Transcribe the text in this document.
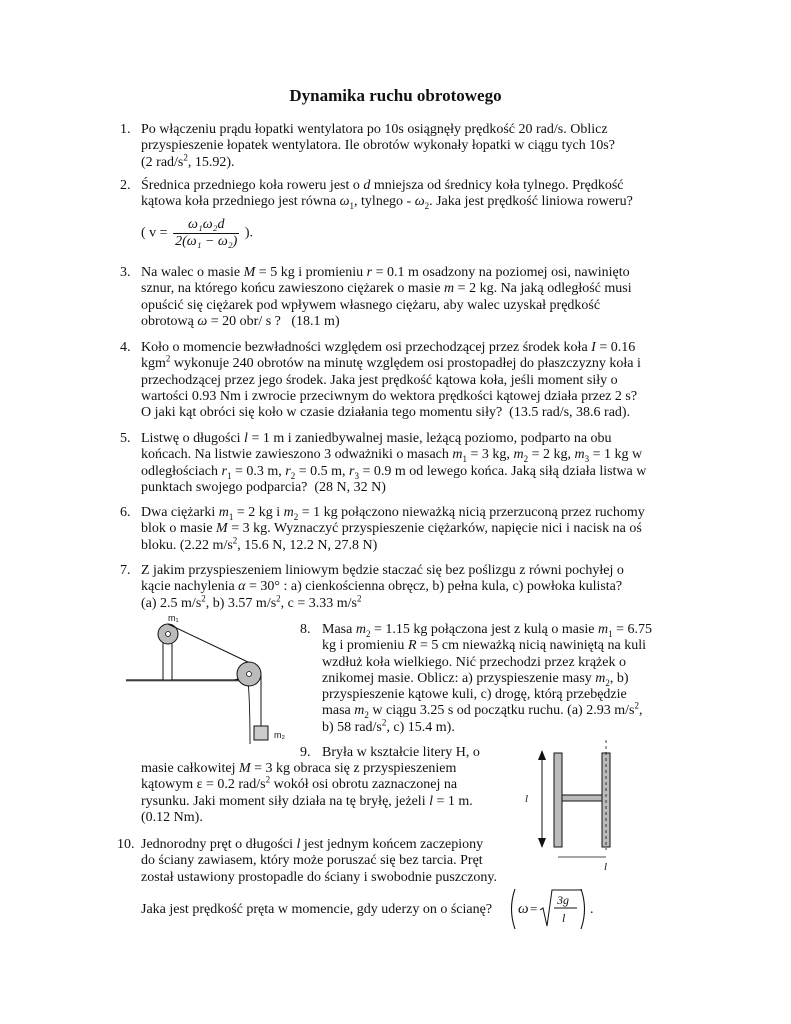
Dynamika ruchu obrotowego
1. Po włączeniu prądu łopatki wentylatora po 10s osiągnęły prędkość 20 rad/s. Oblicz
przyspieszenie łopatek wentylatora. Ile obrotów wykonały łopatki w ciągu tych 10s?
(2 rad/$s^2$, 15.92).
2. Średnica przedniego koła roweru jest o d mniejsza od średnicy koła tylnego. Prędkość
kątowa koła przedniego jest równa $\omega_1$, tylnego - $\omega_2$. Jaka jest prędkość liniowa roweru?
( $v = \frac{\text{ω₁ω₂d}}{\text{2(ω₁ − ω₂)}}$ ).
3. Na walec o masie M = 5 kg i promieniu r = 0.1 m osadzony na poziomej osi, nawinięto
sznur, na którego końcu zawieszono ciężarek o masie m = 2 kg. Na jaką odległość musi
opuścić się ciężarek pod wpływem własnego ciężaru, aby walec uzyskał prędkość
obrotową ω = 20 obr/ s ? (18.1 m)
4. Koło o momencie bezwładności względem osi przechodzącej przez środek koła I = 0.16
kgm$^2$ wykonuje 240 obrotów na minutę względem osi prostopadłej do płaszczyzny koła i
przechodzącej przez jego środek. Jaka jest prędkość kątowa koła, jeśli moment siły o
wartości 0.93 Nm i zwrocie przeciwnym do wektora prędkości kątowej działa przez 2 s?
O jaki kąt obróci się koło w czasie działania tego momentu siły? (13.5 rad/s, 38.6 rad).
5. Listwę o długości l = 1 m i zaniedbywalnej masie, leżącą poziomo, podparto na obu
końcach. Na listwie zawieszono 3 odważniki o masach $m_1 = 3$ kg, $m_2 = 2$ kg, $m_3 = 1$ kg w
odległościach $r_1 = 0.3$ m, $r_2 = 0.5$ m, $r_3 = 0.9$ m od lewego końca. Jaką siłą działa listwa w
punktach swojego podparcia? (28 N, 32 N)
6. Dwa ciężarki $m_1 = 2$ kg i $m_2 = 1$ kg połączono nieważką nicią przerzuconą przez ruchomy
blok o masie M = 3 kg. Wyznaczyć przyspieszenie ciężarków, napięcie nici i nacisk na oś
bloku. (2.22 $m/s^2$, 15.6 N, 12.2 N, 27.8 N)
7. Z jakim przyspieszeniem liniowym będzie staczać się bez poślizgu z równi pochyłej o
kącie nachylenia α = 30° : a) cienkościenna obręcz, b) pełna kula, c) powłoka kulista?
(a) 2.5 $m/s^2$, b) 3.57 $m/s^2$, c = 3.33 $m/s^2$
m₁
m₂
8. Masa $m_2 = 1.15$ kg połączona jest z kulą o masie $m_1 = 6.75$
kg i promieniu R = 5 cm nieważką nicią nawiniętą na kuli
wzdłuż koła wielkiego. Nić przechodzi przez krążek o
znikomej masie. Oblicz: a) przyspieszenie masy $m_2$, b)
przyspieszenie kątowe kuli, c) drogę, którą przebędzie
masa $m_2$ w ciągu 3.25 s od początku ruchu. (a) 2.93 $m/s^2$,
b) 58 rad/$s^2$, c) 15.4 m).
l
l
9. Bryła w kształcie litery H, o
masie całkowitej M = 3 kg obraca się z przyspieszeniem
kątowym ε = 0.2 rad/$s^2$ wokół osi obrotu zaznaczonej na
rysunku. Jaki moment siły działa na tę bryłę, jeżeli l = 1 m.
(0.12 Nm).
10. Jednorodny pręt o długości l jest jednym końcem zaczepiony
do ściany zawiasem, który może poruszać się bez tarcia. Pręt
został ustawiony prostopadle do ściany i swobodnie puszczony.
Jaka jest prędkość pręta w momencie, gdy uderzy on o ścianę? ω =
3g
l
.
